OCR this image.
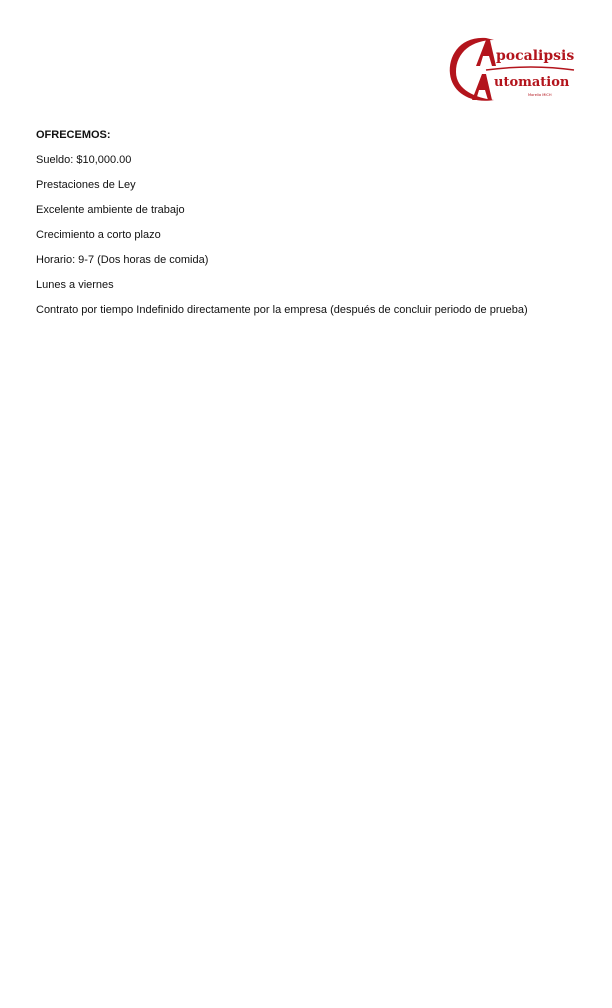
pocalipsis
utomation
Morelia MICH
OFRECEMOS:
Sueldo: $10,000.00
Prestaciones de Ley
Excelente ambiente de trabajo
Crecimiento a corto plazo
Horario: 9-7 (Dos horas de comida)
Lunes a viernes
Contrato por tiempo Indefinido directamente por la empresa (después de concluir periodo de prueba)
